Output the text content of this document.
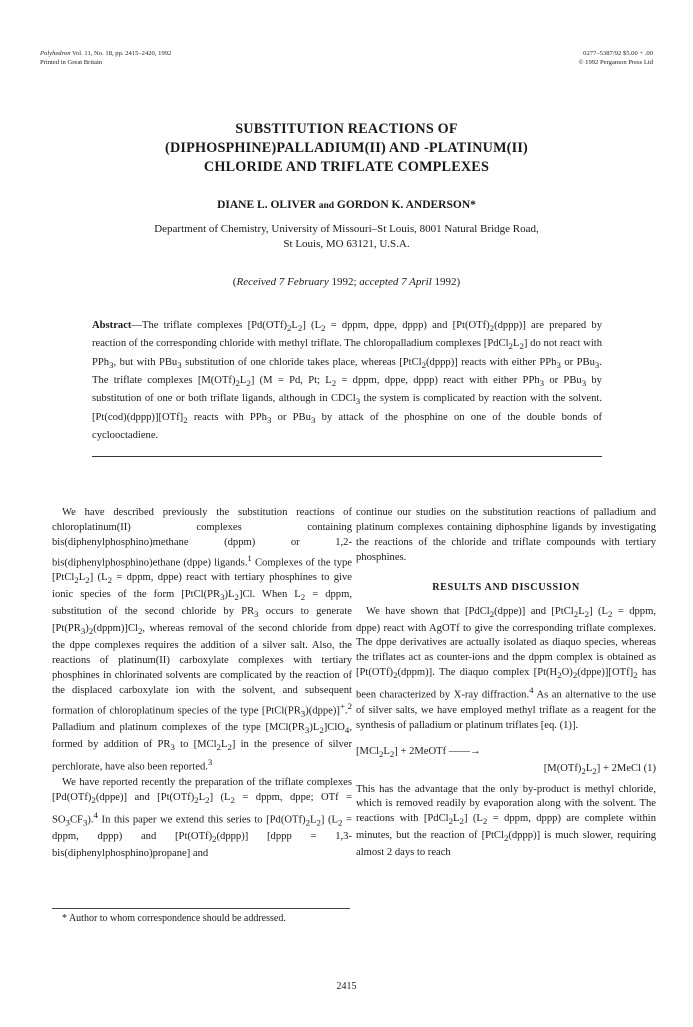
Polyhedron Vol. 11, No. 18, pp. 2415–2420, 1992
Printed in Great Britain
0277–5387/92 $5.00 + .00
© 1992 Pergamon Press Ltd
SUBSTITUTION REACTIONS OF
(DIPHOSPHINE)PALLADIUM(II) AND -PLATINUM(II)
CHLORIDE AND TRIFLATE COMPLEXES
DIANE L. OLIVER and GORDON K. ANDERSON*
Department of Chemistry, University of Missouri–St Louis, 8001 Natural Bridge Road,
St Louis, MO 63121, U.S.A.
(Received 7 February 1992; accepted 7 April 1992)
Abstract—The triflate complexes $[Pd(OTf)_2L_2] (L_2$ = dppm, dppe, dppp) and $[Pt(OTf)_2(dppp)]$ are prepared by reaction of the corresponding chloride with methyl triflate. The chloropalladium complexes $[PdCl_2L_2]$ do not react with PPh$_3$, but with PBu$_3$ substitution of one chloride takes place, whereas [PtCl$_2$(dppp)] reacts with either PPh$_3$ or PBu$_3$. The triflate complexes $[M(OTf)_2L_2] (M = Pd$, Pt; $L_2$ = dppm, dppe, dppp) react with either PPh$_3$ or PBu$_3$ by substitution of one or both triflate ligands, although in CDCl$_3$ the system is complicated by reaction with the solvent. $[Pt(cod)(dppp)][OTf]_2$ reacts with PPh$_3$ or PBu$_3$ by attack of the phosphine on one of the double bonds of cyclooctadiene.

We have described previously the substitution reactions of chloroplatinum(II) complexes containing bis(diphenylphosphino)methane (dppm) or 1,2-bis(diphenylphosphino)ethane (dppe) ligands.$^1$ Complexes of the type $[PtCl_2L_2] (L_2$ = dppm, dppe) react with tertiary phosphines to give ionic species of the form $[PtCl(PR_3)L_2]Cl$. When $L_2$ = dppm, substitution of the second chloride by $PR_3$ occurs to generate $[Pt(PR_3)_2(dppm)]Cl_2$, whereas removal of the second chloride from the dppe complexes requires the addition of a silver salt. Also, the reactions of platinum(II) carboxylate complexes with tertiary phosphines in chlorinated solvents are complicated by the reaction of the displaced carboxylate ion with the solvent, and subsequent formation of chloroplatinum species of the type $[PtCl(PR_3)(dppe)]^+.^2$ Palladium and platinum complexes of the type $[MCl(PR_3)L_2]ClO_4$, formed by addition of $PR_3$ to $[MCl_2L_2]$ in the presence of silver perchlorate, have also been reported.$^3$

We have reported recently the preparation of the triflate complexes $[Pd(OTf)_2(dppe)]$ and $[Pt(OTf)_2L_2] (L_2$ = dppm, dppe; OTf = $SO_3CF_3).^4$ In this paper we extend this series to $[Pd(OTf)_2L_2] (L_2$ = dppm, dppp) and $[Pt(OTf)_2(dppp)]$ [dppp = 1,3-bis(diphenylphosphino)propane] and

continue our studies on the substitution reactions of palladium and platinum complexes containing diphosphine ligands by investigating the reactions of the chloride and triflate compounds with tertiary phosphines.

RESULTS AND DISCUSSION

We have shown that [PdCl$_2$(dppe)] and $[PtCl_2L_2] (L_2$ = dppm, dppe) react with AgOTf to give the corresponding triflate complexes. The dppe derivatives are actually isolated as diaquo species, whereas the triflates act as counter-ions and the dppm complex is obtained as $[Pt(OTf)_2(dppm)]$. The diaquo complex $[Pt(H_2O)_2(dppe)][OTf]_2$ has been characterized by X-ray diffraction.$^4$ As an alternative to the use of silver salts, we have employed methyl triflate as a reagent for the synthesis of palladium or platinum triflates [eq. (1)].

$[MCl_2L_2]$ + 2MeOTf ——→
$[M(OTf)_2L_2]$ + 2MeCl (1)

This has the advantage that the only by-product is methyl chloride, which is removed readily by evaporation along with the solvent. The reactions with $[PdCl_2L_2] (L_2$ = dppm, dppp) are complete within minutes, but the reaction of [PtCl$_2$(dppp)] is much slower, requiring almost 2 days to reach

* Author to whom correspondence should be addressed.
2415
